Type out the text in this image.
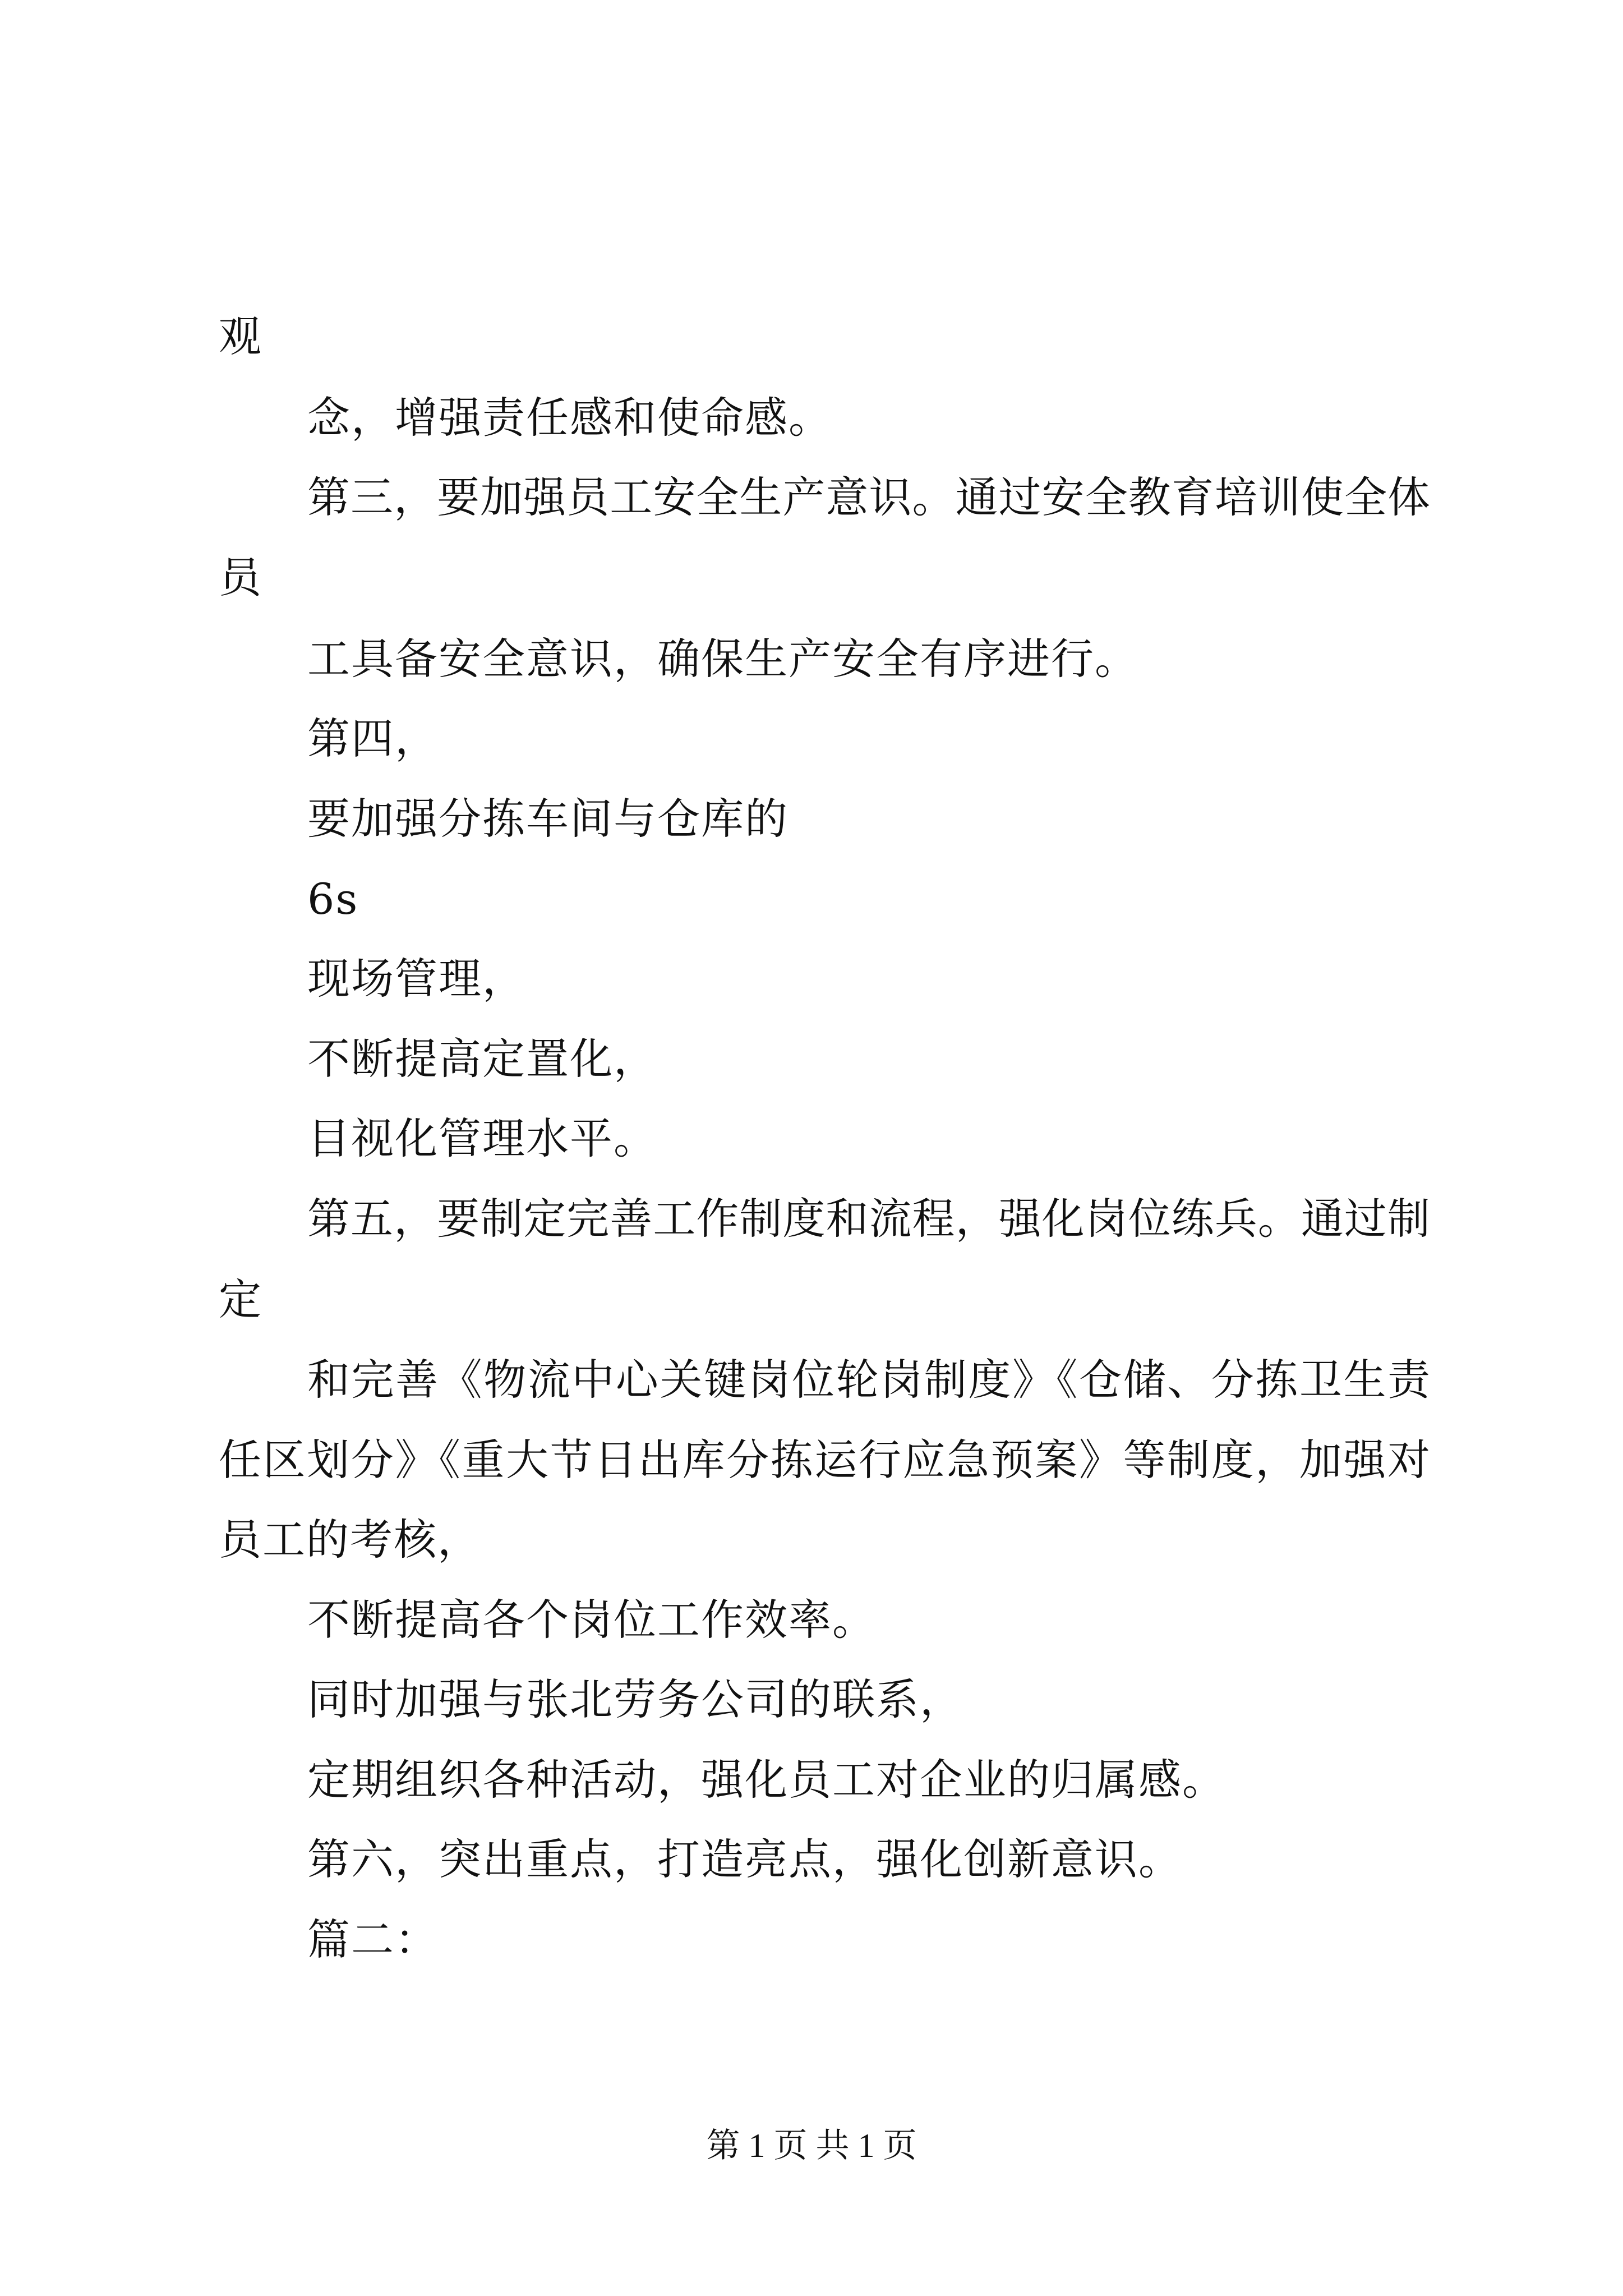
观
念，增强责任感和使命感。
第三，要加强员工安全生产意识。通过安全教育培训使全体
员
工具备安全意识，确保生产安全有序进行。
第四，
要加强分拣车间与仓库的
6s
现场管理，
不断提高定置化，
目视化管理水平。
第五，要制定完善工作制度和流程，强化岗位练兵。通过制
定
和完善《物流中心关键岗位轮岗制度》《仓储、分拣卫生责
任区划分》《重大节日出库分拣运行应急预案》等制度，加强对
员工的考核，
不断提高各个岗位工作效率。
同时加强与张北劳务公司的联系，
定期组织各种活动，强化员工对企业的归属感。
第六，突出重点，打造亮点，强化创新意识。
篇二：
第 1 页 共 1 页
